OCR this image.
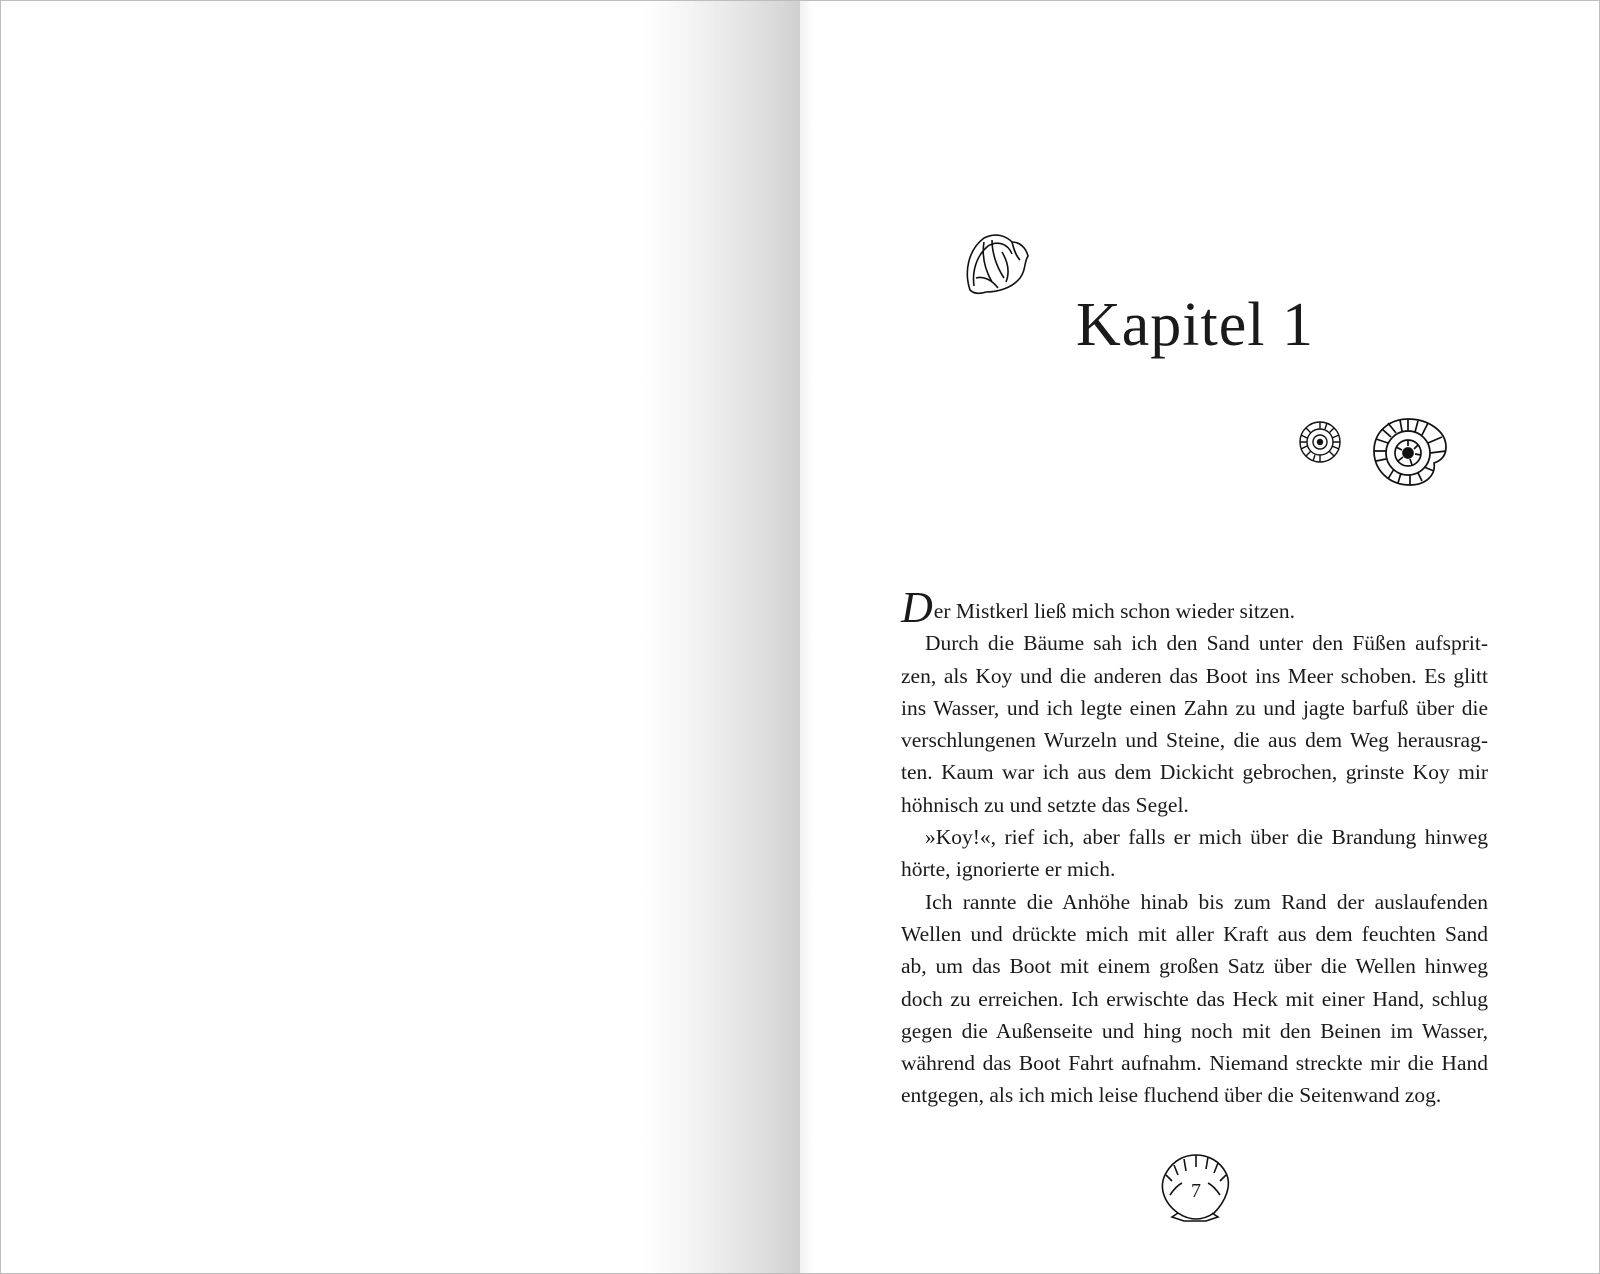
Kapitel 1
Der Mistkerl ließ mich schon wieder sitzen.
Durch die Bäume sah ich den Sand unter den Füßen aufsprit-
zen, als Koy und die anderen das Boot ins Meer schoben. Es glitt
ins Wasser, und ich legte einen Zahn zu und jagte barfuß über die
verschlungenen Wurzeln und Steine, die aus dem Weg herausrag-
ten. Kaum war ich aus dem Dickicht gebrochen, grinste Koy mir
höhnisch zu und setzte das Segel.
»Koy!«, rief ich, aber falls er mich über die Brandung hinweg
hörte, ignorierte er mich.
Ich rannte die Anhöhe hinab bis zum Rand der auslaufenden
Wellen und drückte mich mit aller Kraft aus dem feuchten Sand
ab, um das Boot mit einem großen Satz über die Wellen hinweg
doch zu erreichen. Ich erwischte das Heck mit einer Hand, schlug
gegen die Außenseite und hing noch mit den Beinen im Wasser,
während das Boot Fahrt aufnahm. Niemand streckte mir die Hand
entgegen, als ich mich leise fluchend über die Seitenwand zog.
7
